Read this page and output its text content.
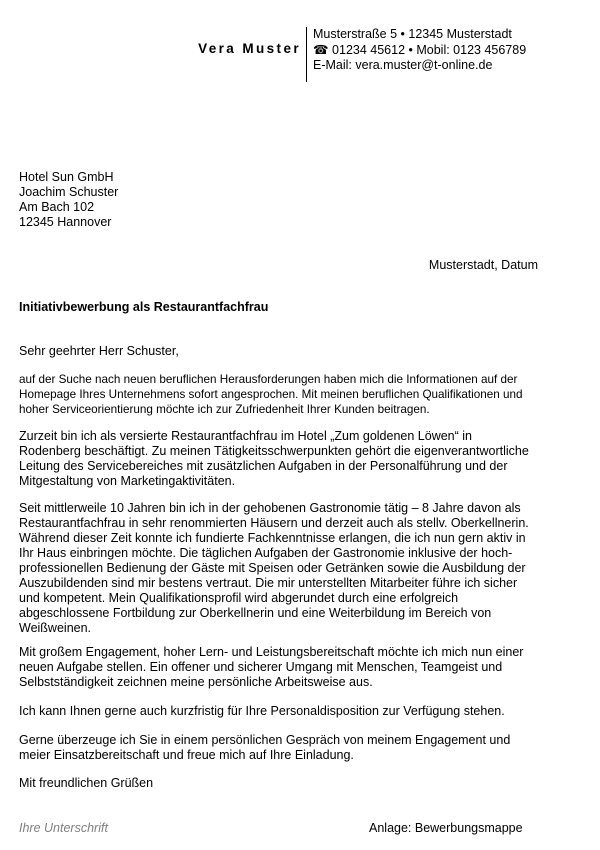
Vera Muster
Musterstraße 5 • 12345 Musterstadt
☎ 01234 45612 • Mobil: 0123 456789
E-Mail: vera.muster@t-online.de
Hotel Sun GmbH
Joachim Schuster
Am Bach 102
12345 Hannover
Musterstadt, Datum
Initiativbewerbung als Restaurantfachfrau
Sehr geehrter Herr Schuster,
auf der Suche nach neuen beruflichen Herausforderungen haben mich die Informationen auf der
Homepage Ihres Unternehmens sofort angesprochen. Mit meinen beruflichen Qualifikationen und
hoher Serviceorientierung möchte ich zur Zufriedenheit Ihrer Kunden beitragen.
Zurzeit bin ich als versierte Restaurantfachfrau im Hotel „Zum goldenen Löwen“ in
Rodenberg beschäftigt. Zu meinen Tätigkeitsschwerpunkten gehört die eigenverantwortliche
Leitung des Servicebereiches mit zusätzlichen Aufgaben in der Personalführung und der
Mitgestaltung von Marketingaktivitäten.
Seit mittlerweile 10 Jahren bin ich in der gehobenen Gastronomie tätig – 8 Jahre davon als
Restaurantfachfrau in sehr renommierten Häusern und derzeit auch als stellv. Oberkellnerin.
Während dieser Zeit konnte ich fundierte Fachkenntnisse erlangen, die ich nun gern aktiv in
Ihr Haus einbringen möchte. Die täglichen Aufgaben der Gastronomie inklusive der hoch-
professionellen Bedienung der Gäste mit Speisen oder Getränken sowie die Ausbildung der
Auszubildenden sind mir bestens vertraut. Die mir unterstellten Mitarbeiter führe ich sicher
und kompetent. Mein Qualifikationsprofil wird abgerundet durch eine erfolgreich
abgeschlossene Fortbildung zur Oberkellnerin und eine Weiterbildung im Bereich von
Weißweinen.
Mit großem Engagement, hoher Lern- und Leistungsbereitschaft möchte ich mich nun einer
neuen Aufgabe stellen. Ein offener und sicherer Umgang mit Menschen, Teamgeist und
Selbstständigkeit zeichnen meine persönliche Arbeitsweise aus.
Ich kann Ihnen gerne auch kurzfristig für Ihre Personaldisposition zur Verfügung stehen.
Gerne überzeuge ich Sie in einem persönlichen Gespräch von meinem Engagement und
meier Einsatzbereitschaft und freue mich auf Ihre Einladung.
Mit freundlichen Grüßen
Ihre Unterschrift	Anlage: Bewerbungsmappe
